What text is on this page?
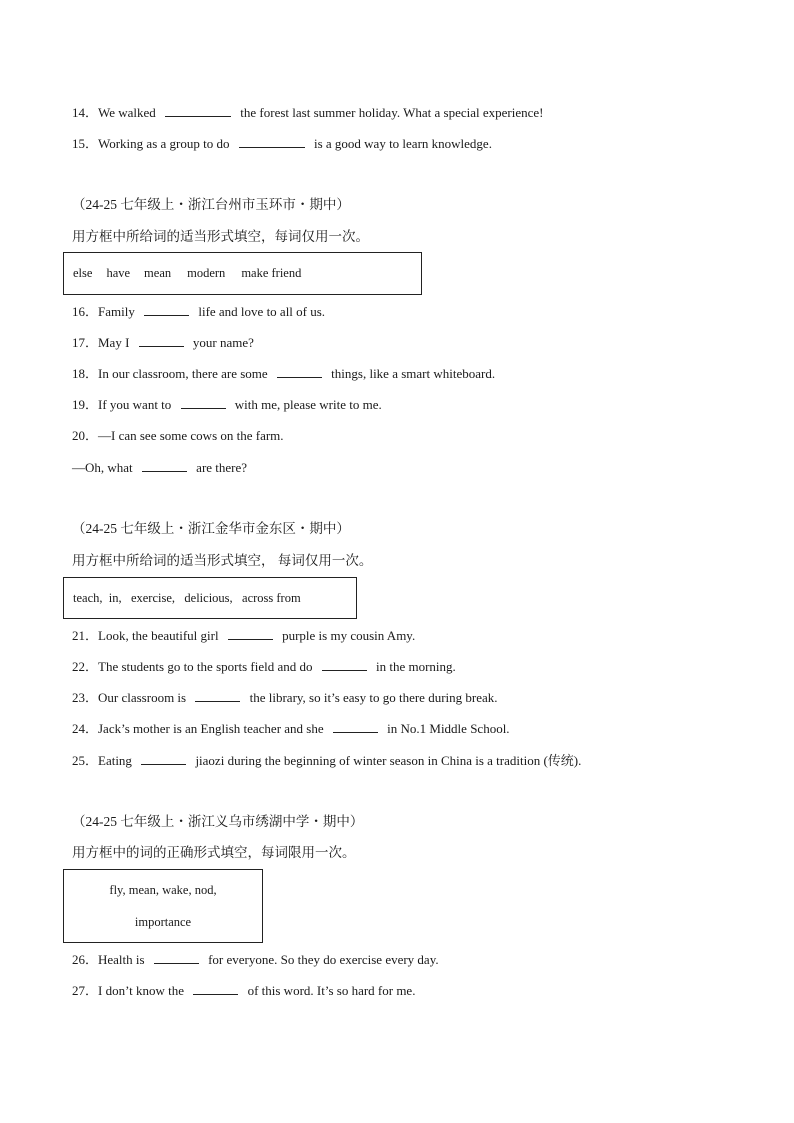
14．We walked	the forest last summer holiday. What a special experience!
15．Working as a group to do	is a good way to learn knowledge.
（24-25 七年级上・浙江台州市玉环市・期中）
用方框中所给词的适当形式填空，每词仅用一次。
else have mean modern make friend
16．Family	life and love to all of us.
17．May I	your name?
18．In our classroom, there are some	things, like a smart whiteboard.
19．If you want to	with me, please write to me.
20．—I can see some cows on the farm.
—Oh, what	are there?
（24-25 七年级上・浙江金华市金东区・期中）
用方框中所给词的适当形式填空， 每词仅用一次。
teach,  in,   exercise,   delicious,   across from
21．Look, the beautiful girl	purple is my cousin Amy.
22．The students go to the sports field and do	in the morning.
23．Our classroom is	the library, so it’s easy to go there during break.
24．Jack’s mother is an English teacher and she	in No.1 Middle School.
25．Eating	jiaozi during the beginning of winter season in China is a tradition (传统).
（24-25 七年级上・浙江义乌市绣湖中学・期中）
用方框中的词的正确形式填空，每词限用一次。
fly, mean, wake, nod,
importance
26．Health is	for everyone. So they do exercise every day.
27．I don’t know the	of this word. It’s so hard for me.
